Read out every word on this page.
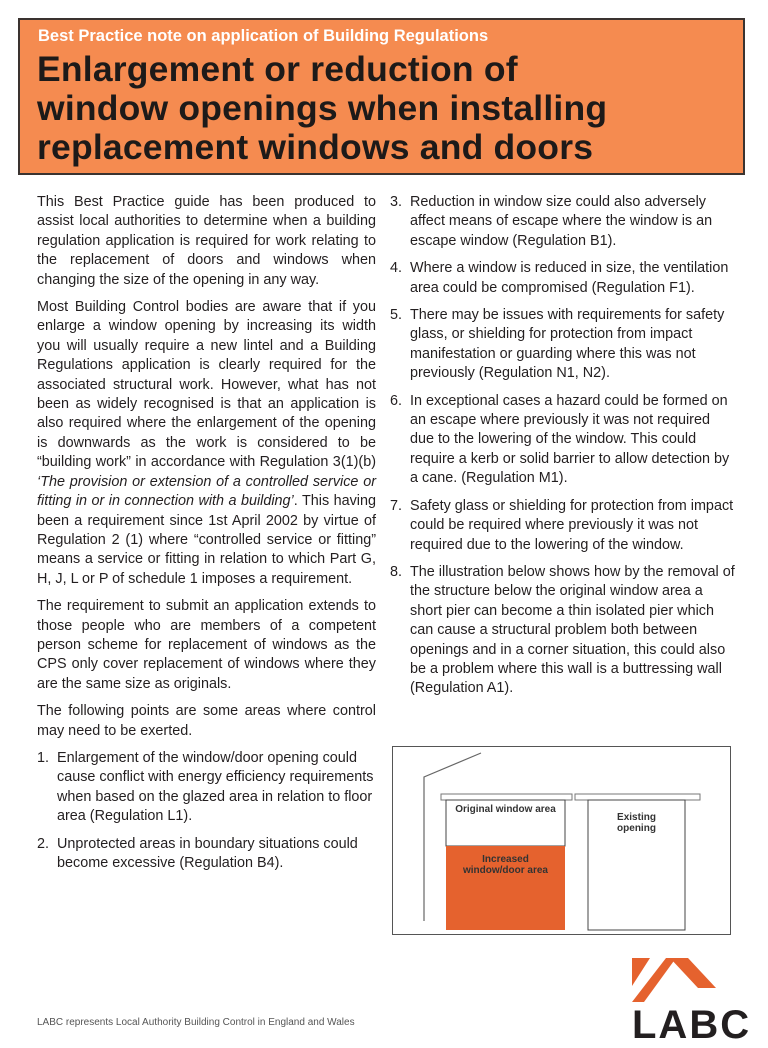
Best Practice note on application of Building Regulations
Enlargement or reduction of
window openings when installing
replacement windows and doors

This Best Practice guide has been produced to assist local authorities to determine when a building regulation application is required for work relating to the replacement of doors and windows when changing the size of the opening in any way.

Most Building Control bodies are aware that if you enlarge a window opening by increasing its width you will usually require a new lintel and a Building Regulations application is clearly required for the associated structural work. However, what has not been as widely recognised is that an application is also required where the enlargement of the opening is downwards as the work is considered to be “building work” in accordance with Regulation 3(1)(b) ‘The provision or extension of a controlled service or fitting in or in connection with a building’. This having been a requirement since 1st April 2002 by virtue of Regulation 2 (1) where “controlled service or fitting” means a service or fitting in relation to which Part G, H, J, L or P of schedule 1 imposes a requirement.

The requirement to submit an application extends to those people who are members of a competent person scheme for replacement of windows as the CPS only cover replacement of windows where they are the same size as originals.

The following points are some areas where control may need to be exerted.

1. Enlargement of the window/door opening could cause conflict with energy efficiency requirements when based on the glazed area in relation to floor area (Regulation L1).
2. Unprotected areas in boundary situations could become excessive (Regulation B4).
3. Reduction in window size could also adversely affect means of escape where the window is an escape window (Regulation B1).
4. Where a window is reduced in size, the ventilation area could be compromised (Regulation F1).
5. There may be issues with requirements for safety glass, or shielding for protection from impact manifestation or guarding where this was not previously (Regulation N1, N2).
6. In exceptional cases a hazard could be formed on an escape where previously it was not required due to the lowering of the window. This could require a kerb or solid barrier to allow detection by a cane. (Regulation M1).
7. Safety glass or shielding for protection from impact could be required where previously it was not required due to the lowering of the window.
8. The illustration below shows how by the removal of the structure below the original window area a short pier can become a thin isolated pier which can cause a structural problem both between openings and in a corner situation, this could also be a problem where this wall is a buttressing wall (Regulation A1).
Original window area
Increased window/door area
Existing opening
LABC
LABC represents Local Authority Building Control in England and Wales
